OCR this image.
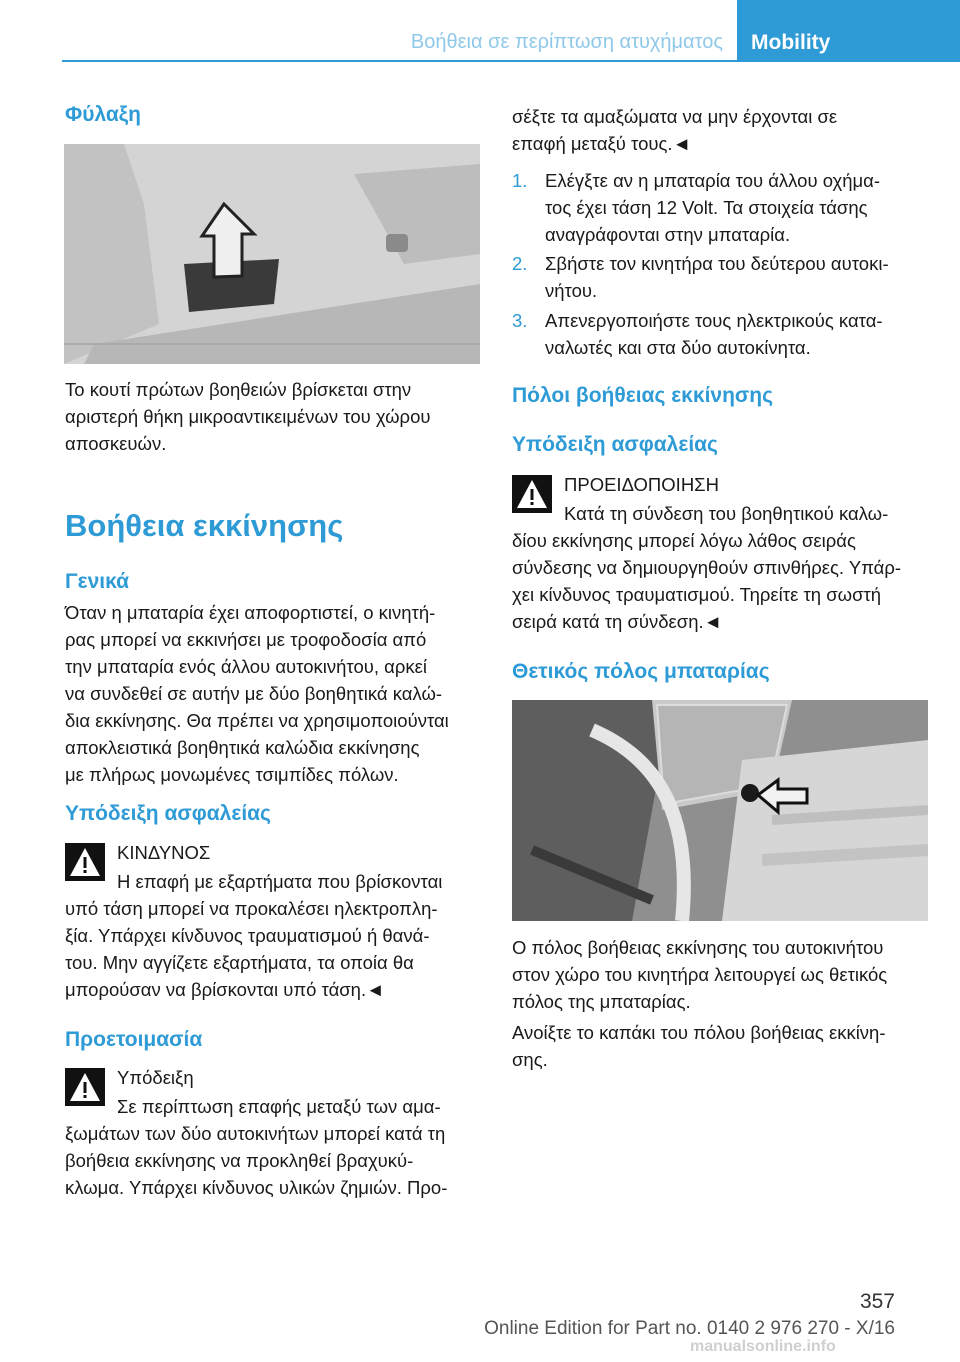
Βοήθεια σε περίπτωση ατυχήματος	Mobility
Φύλαξη

Το κουτί πρώτων βοηθειών βρίσκεται στην
αριστερή θήκη μικροαντικειμένων του χώρου
αποσκευών.

Βοήθεια εκκίνησης
Γενικά

Όταν η μπαταρία έχει αποφορτιστεί, ο κινητή‐
ρας μπορεί να εκκινήσει με τροφοδοσία από
την μπαταρία ενός άλλου αυτοκινήτου, αρκεί
να συνδεθεί σε αυτήν με δύο βοηθητικά καλώ‐
δια εκκίνησης. Θα πρέπει να χρησιμοποιούνται
αποκλειστικά βοηθητικά καλώδια εκκίνησης
με πλήρως μονωμένες τσιμπίδες πόλων.

Υπόδειξη ασφαλείας
ΚΙΝΔΥΝΟΣ

Η επαφή με εξαρτήματα που βρίσκονται
υπό τάση μπορεί να προκαλέσει ηλεκτροπλη‐
ξία. Υπάρχει κίνδυνος τραυματισμού ή θανά‐
του. Μην αγγίζετε εξαρτήματα, τα οποία θα
μπορούσαν να βρίσκονται υπό τάση.◄

Προετοιμασία
Υπόδειξη

Σε περίπτωση επαφής μεταξύ των αμα‐
ξωμάτων των δύο αυτοκινήτων μπορεί κατά τη
βοήθεια εκκίνησης να προκληθεί βραχυκύ‐
κλωμα. Υπάρχει κίνδυνος υλικών ζημιών. Προ‐

σέξτε τα αμαξώματα να μην έρχονται σε
επαφή μεταξύ τους.◄

1. Ελέγξτε αν η μπαταρία του άλλου οχήμα‐
τος έχει τάση 12 Volt. Τα στοιχεία τάσης
αναγράφονται στην μπαταρία.

2. Σβήστε τον κινητήρα του δεύτερου αυτοκι‐
νήτου.

3. Απενεργοποιήστε τους ηλεκτρικούς κατα‐
ναλωτές και στα δύο αυτοκίνητα.

Πόλοι βοήθειας εκκίνησης
Υπόδειξη ασφαλείας
ΠΡΟΕΙΔΟΠΟΙΗΣΗ

Κατά τη σύνδεση του βοηθητικού καλω‐
δίου εκκίνησης μπορεί λόγω λάθος σειράς
σύνδεσης να δημιουργηθούν σπινθήρες. Υπάρ‐
χει κίνδυνος τραυματισμού. Τηρείτε τη σωστή
σειρά κατά τη σύνδεση.◄

Θετικός πόλος μπαταρίας

Ο πόλος βοήθειας εκκίνησης του αυτοκινήτου
στον χώρο του κινητήρα λειτουργεί ως θετικός
πόλος της μπαταρίας.

Ανοίξτε το καπάκι του πόλου βοήθειας εκκίνη‐
σης.

357
Online Edition for Part no. 0140 2 976 270 - X/16
manualsonline.info
